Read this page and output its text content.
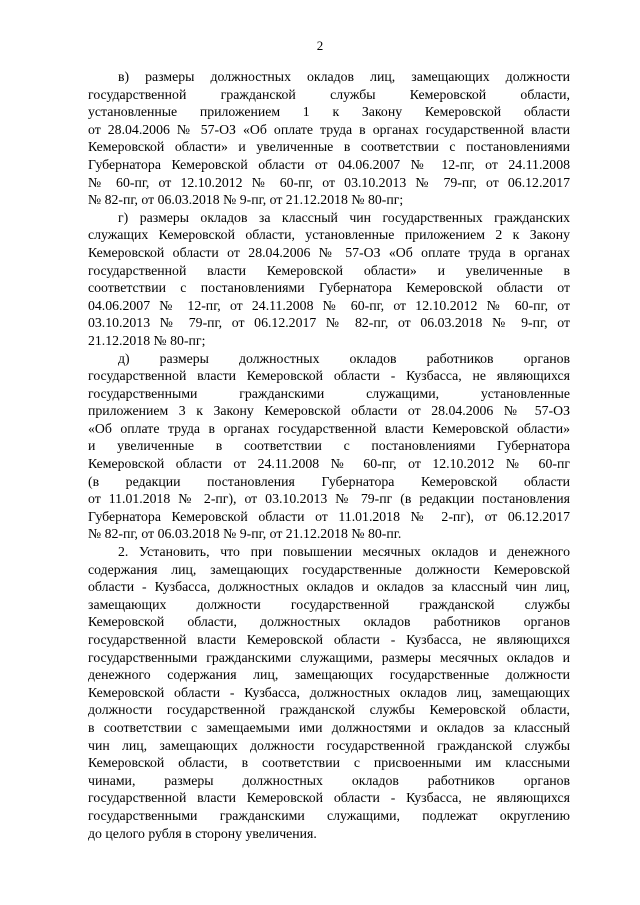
2
в) размеры должностных окладов лиц, замещающих должности
государственной гражданской службы Кемеровской области,
установленные приложением 1 к Закону Кемеровской области
от 28.04.2006 № 57-ОЗ «Об оплате труда в органах государственной власти
Кемеровской области» и увеличенные в соответствии с постановлениями
Губернатора Кемеровской области от 04.06.2007 № 12-пг, от 24.11.2008
№ 60-пг, от 12.10.2012 № 60-пг, от 03.10.2013 № 79-пг, от 06.12.2017
№ 82-пг, от 06.03.2018 № 9-пг, от 21.12.2018 № 80-пг;
г) размеры окладов за классный чин государственных гражданских
служащих Кемеровской области, установленные приложением 2 к Закону
Кемеровской области от 28.04.2006 № 57-ОЗ «Об оплате труда в органах
государственной власти Кемеровской области» и увеличенные в
соответствии с постановлениями Губернатора Кемеровской области от
04.06.2007 № 12-пг, от 24.11.2008 № 60-пг, от 12.10.2012 № 60-пг, от
03.10.2013 № 79-пг, от 06.12.2017 № 82-пг, от 06.03.2018 № 9-пг, от
21.12.2018 № 80-пг;
д) размеры должностных окладов работников органов
государственной власти Кемеровской области - Кузбасса, не являющихся
государственными гражданскими служащими, установленные
приложением 3 к Закону Кемеровской области от 28.04.2006 № 57-ОЗ
«Об оплате труда в органах государственной власти Кемеровской области»
и увеличенные в соответствии с постановлениями Губернатора
Кемеровской области от 24.11.2008 № 60-пг, от 12.10.2012 № 60-пг
(в редакции постановления Губернатора Кемеровской области
от 11.01.2018 № 2-пг), от 03.10.2013 № 79-пг (в редакции постановления
Губернатора Кемеровской области от 11.01.2018 № 2-пг), от 06.12.2017
№ 82-пг, от 06.03.2018 № 9-пг, от 21.12.2018 № 80-пг.
2. Установить, что при повышении месячных окладов и денежного
содержания лиц, замещающих государственные должности Кемеровской
области - Кузбасса, должностных окладов и окладов за классный чин лиц,
замещающих должности государственной гражданской службы
Кемеровской области, должностных окладов работников органов
государственной власти Кемеровской области - Кузбасса, не являющихся
государственными гражданскими служащими, размеры месячных окладов и
денежного содержания лиц, замещающих государственные должности
Кемеровской области - Кузбасса, должностных окладов лиц, замещающих
должности государственной гражданской службы Кемеровской области,
в соответствии с замещаемыми ими должностями и окладов за классный
чин лиц, замещающих должности государственной гражданской службы
Кемеровской области, в соответствии с присвоенными им классными
чинами, размеры должностных окладов работников органов
государственной власти Кемеровской области - Кузбасса, не являющихся
государственными гражданскими служащими, подлежат округлению
до целого рубля в сторону увеличения.
